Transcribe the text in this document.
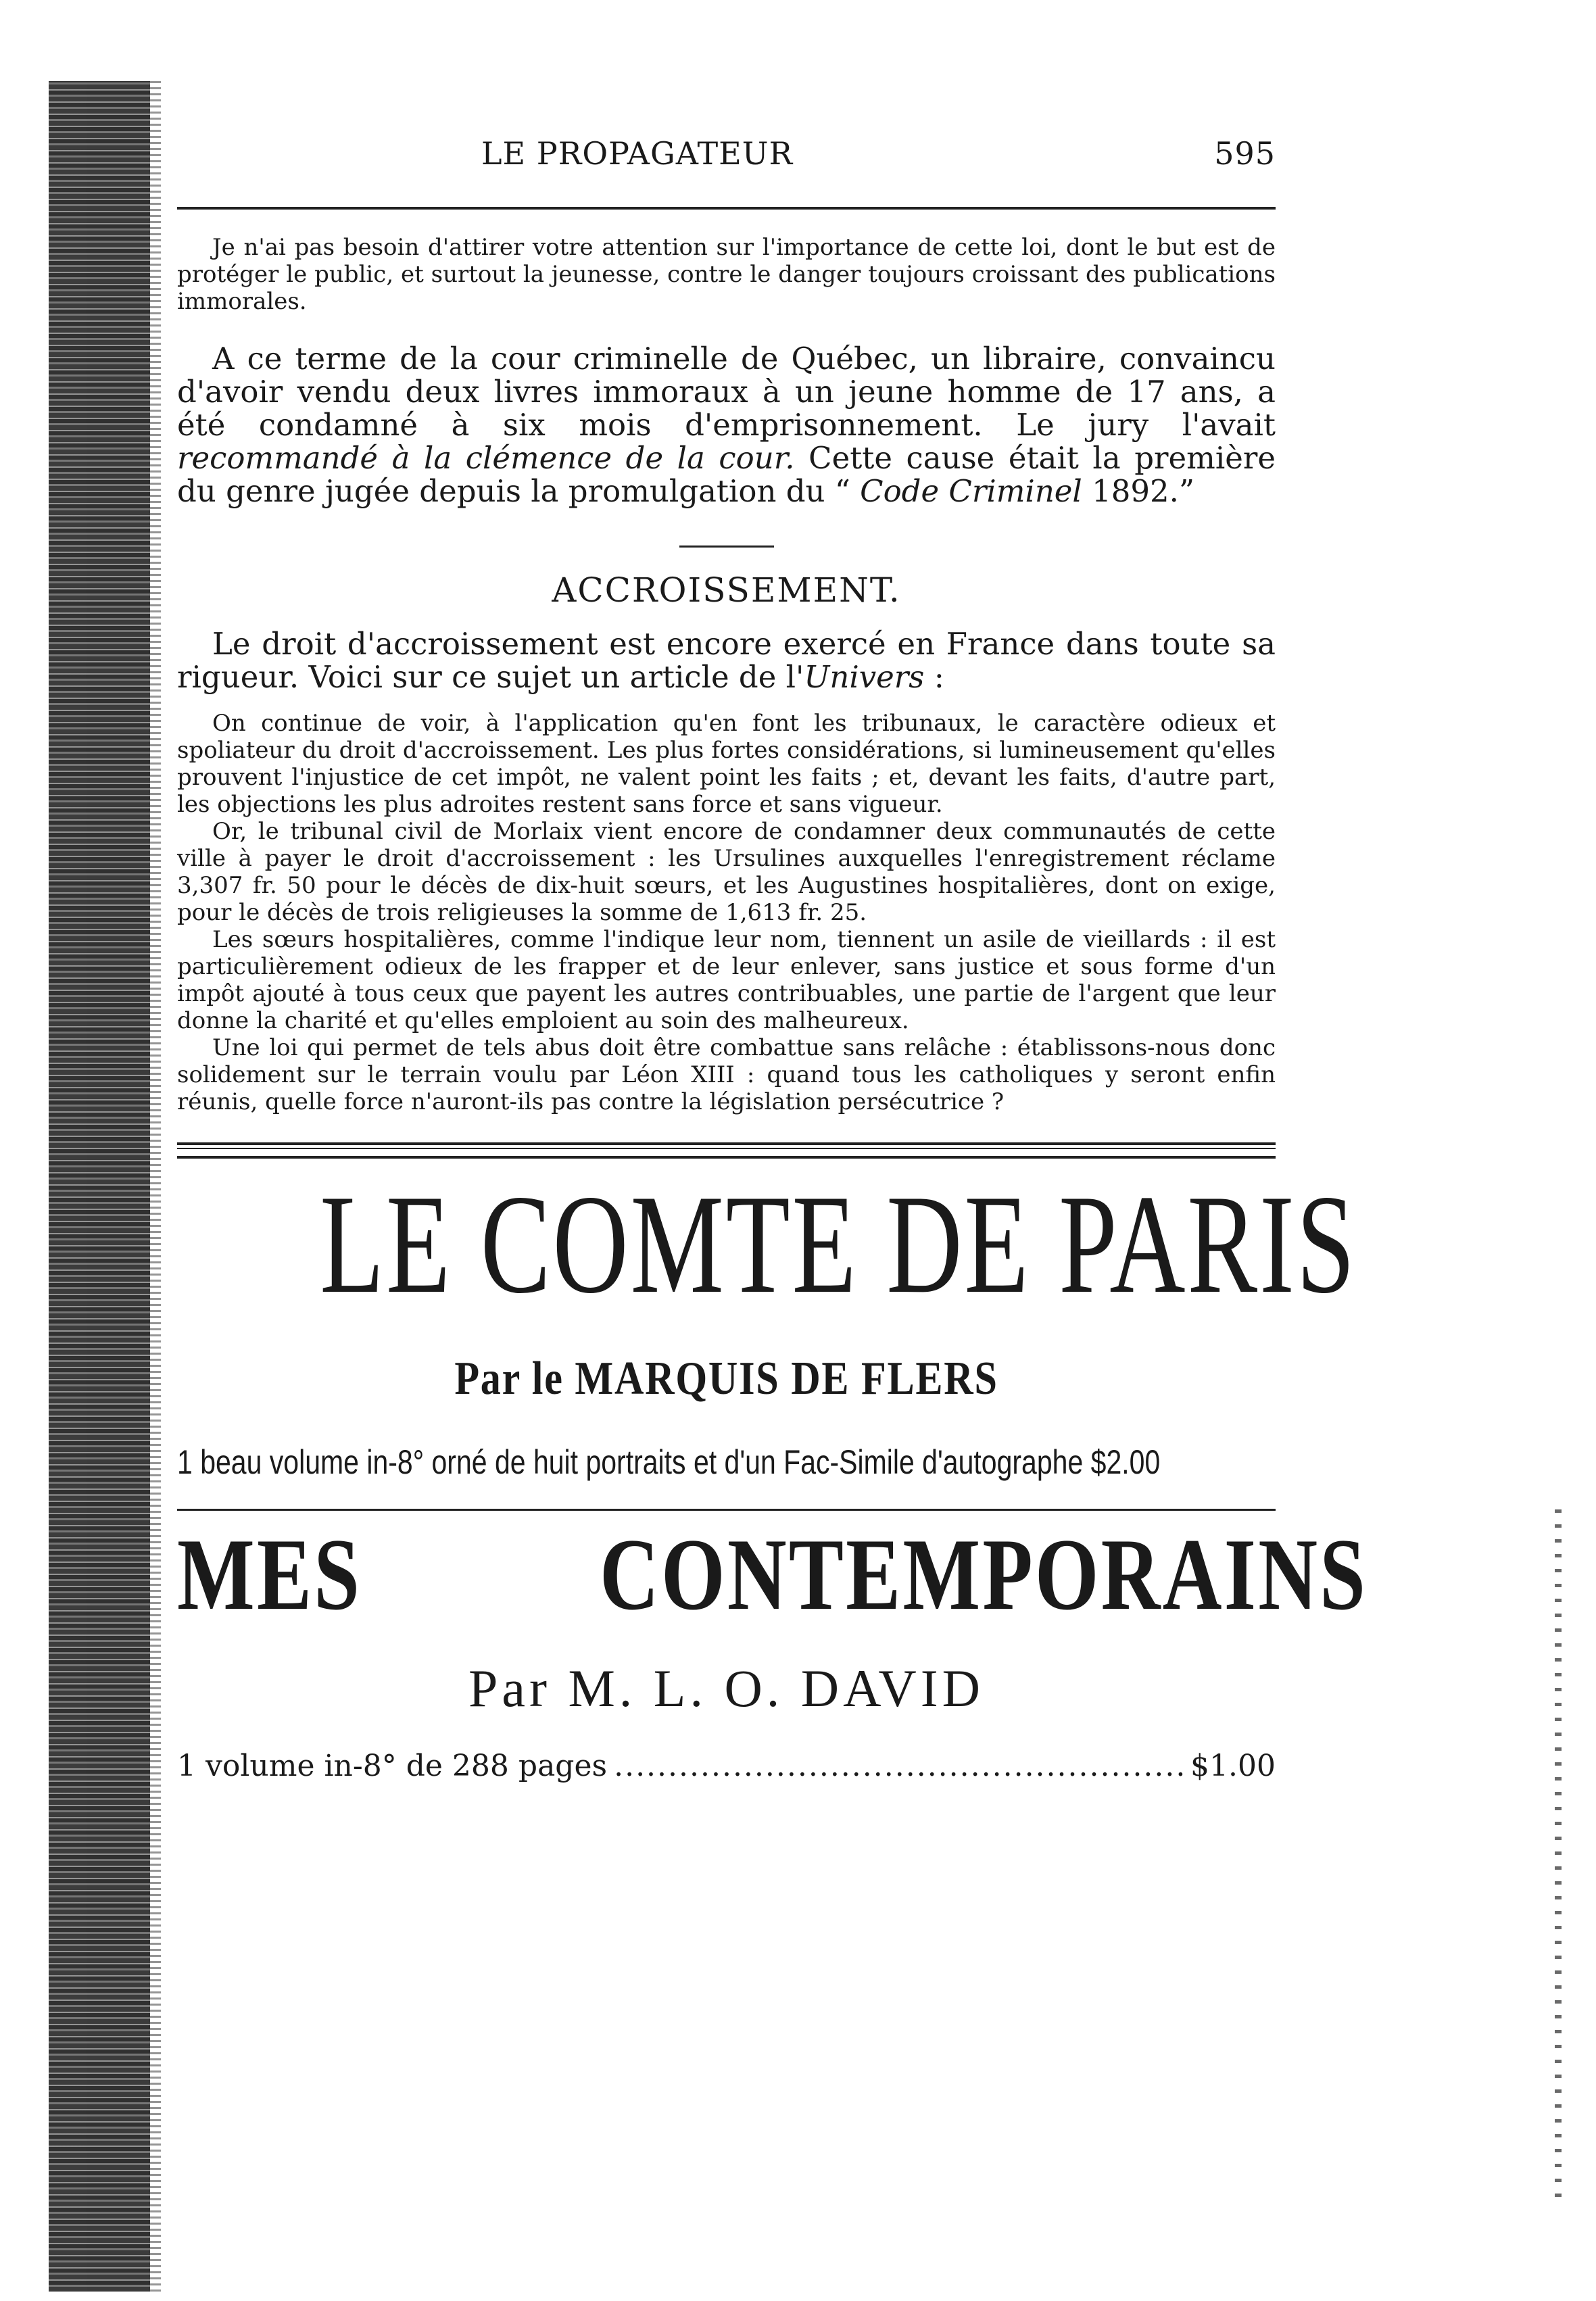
LE PROPAGATEUR	595

Je n'ai pas besoin d'attirer votre attention sur l'importance de cette loi, dont le but est de protéger le public, et surtout la jeunesse, contre le danger toujours croissant des publications immorales.

A ce terme de la cour criminelle de Québec, un libraire, convaincu d'avoir vendu deux livres immoraux à un jeune homme de 17 ans, a été condamné à six mois d'emprisonnement. Le jury l'avait recommandé à la clémence de la cour. Cette cause était la première du genre jugée depuis la promulgation du “ Code Criminel 1892.”

ACCROISSEMENT.

Le droit d'accroissement est encore exercé en France dans toute sa rigueur. Voici sur ce sujet un article de l'Univers :

On continue de voir, à l'application qu'en font les tribunaux, le caractère odieux et spoliateur du droit d'accroissement. Les plus fortes considérations, si lumineusement qu'elles prouvent l'injustice de cet impôt, ne valent point les faits ; et, devant les faits, d'autre part, les objections les plus adroites restent sans force et sans vigueur.

Or, le tribunal civil de Morlaix vient encore de condamner deux communautés de cette ville à payer le droit d'accroissement : les Ursulines auxquelles l'enregistrement réclame 3,307 fr. 50 pour le décès de dix-huit sœurs, et les Augustines hospitalières, dont on exige, pour le décès de trois religieuses la somme de 1,613 fr. 25.

Les sœurs hospitalières, comme l'indique leur nom, tiennent un asile de vieillards : il est particulièrement odieux de les frapper et de leur enlever, sans justice et sous forme d'un impôt ajouté à tous ceux que payent les autres contribuables, une partie de l'argent que leur donne la charité et qu'elles emploient au soin des malheureux.

Une loi qui permet de tels abus doit être combattue sans relâche : établissons-nous donc solidement sur le terrain voulu par Léon XIII : quand tous les catholiques y seront enfin réunis, quelle force n'auront-ils pas contre la législation persécutrice ?

LE COMTE DE PARIS
Par le MARQUIS DE FLERS
1 beau volume in-8° orné de huit portraits et d'un Fac-Simile d'autographe $2.00
MES CONTEMPORAINS
Par M. L. O. DAVID
1 volume in-8° de 288 pages
.....	$1.00
